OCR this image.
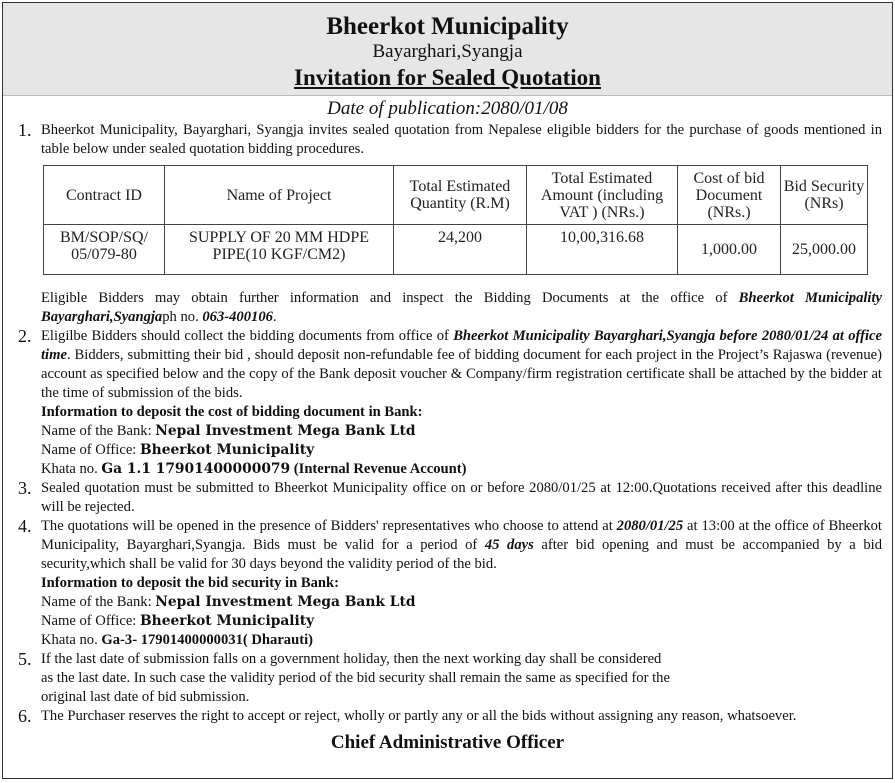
Bheerkot Municipality
Bayarghari,Syangja
Invitation for Sealed Quotation
Date of publication:2080/01/08
1. Bheerkot Municipality, Bayarghari, Syangja invites sealed quotation from Nepalese eligible bidders for the purchase of goods mentioned in table below under sealed quotation bidding procedures.
Contract ID	Name of Project	Total Estimated Quantity (R.M)	Total Estimated Amount (including VAT ) (NRs.)	Cost of bid Document (NRs.)	Bid Security (NRs)
BM/SOP/SQ/ 05/079-80	SUPPLY OF 20 MM HDPE PIPE(10 KGF/CM2)	24,200	10,00,316.68	1,000.00	25,000.00
Eligible Bidders may obtain further information and inspect the Bidding Documents at the office of Bheerkot Municipality Bayarghari,Syangjaph no. 063-400106.
2. Eligilbe Bidders should collect the bidding documents from office of Bheerkot Municipality Bayarghari,Syangja before 2080/01/24 at office time. Bidders, submitting their bid , should deposit non-refundable fee of bidding document for each project in the Project’s Rajaswa (revenue) account as specified below and the copy of the Bank deposit voucher & Company/firm registration certificate shall be attached by the bidder at the time of submission of the bids.
Information to deposit the cost of bidding document in Bank:
Name of the Bank: Nepal Investment Mega Bank Ltd
Name of Office: Bheerkot Municipality
Khata no. Ga 1.1 17901400000079 (Internal Revenue Account)
3. Sealed quotation must be submitted to Bheerkot Municipality office on or before 2080/01/25 at 12:00.Quotations received after this deadline will be rejected.
4. The quotations will be opened in the presence of Bidders' representatives who choose to attend at 2080/01/25 at 13:00 at the office of Bheerkot Municipality, Bayarghari,Syangja. Bids must be valid for a period of 45 days after bid opening and must be accompanied by a bid security,which shall be valid for 30 days beyond the validity period of the bid.
Information to deposit the bid security in Bank:
Name of the Bank: Nepal Investment Mega Bank Ltd
Name of Office: Bheerkot Municipality
Khata no. Ga-3- 17901400000031( Dharauti)
5. If the last date of submission falls on a government holiday, then the next working day shall be considered
as the last date. In such case the validity period of the bid security shall remain the same as specified for the
original last date of bid submission.
6. The Purchaser reserves the right to accept or reject, wholly or partly any or all the bids without assigning any reason, whatsoever.
Chief Administrative Officer
